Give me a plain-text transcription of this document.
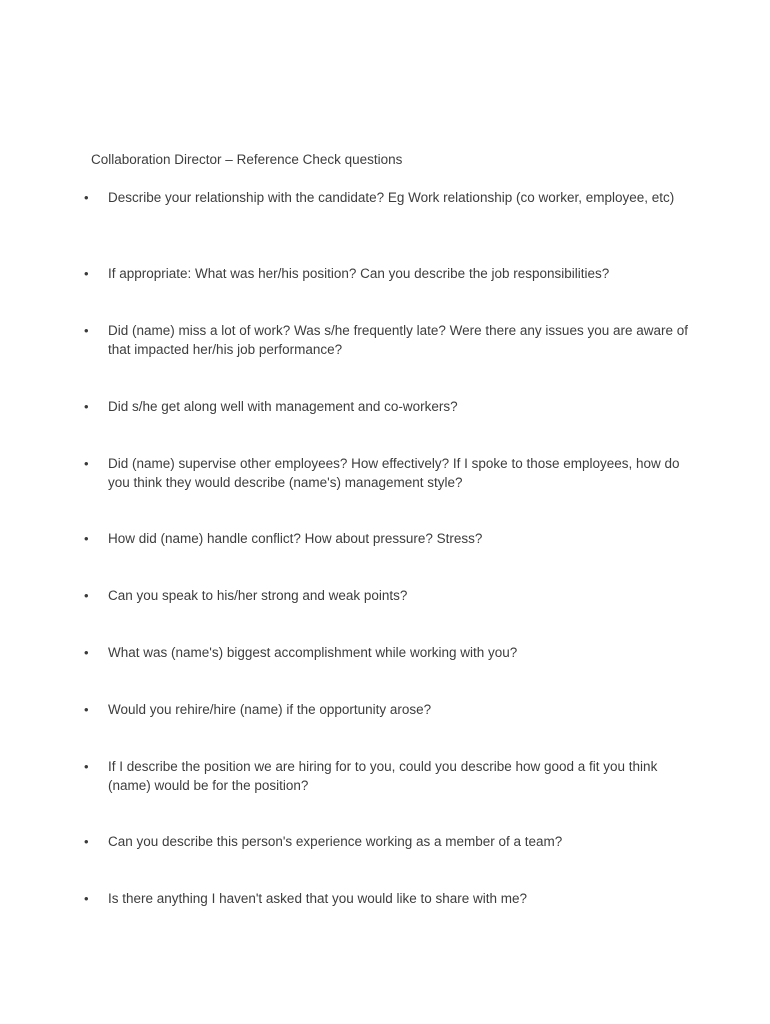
Collaboration Director – Reference Check questions
• Describe your relationship with the candidate? Eg Work relationship (co worker, employee, etc)
• If appropriate: What was her/his position? Can you describe the job responsibilities?
• Did (name) miss a lot of work? Was s/he frequently late? Were there any issues you are aware of that impacted her/his job performance?
• Did s/he get along well with management and co-workers?
• Did (name) supervise other employees? How effectively? If I spoke to those employees, how do you think they would describe (name's) management style?
• How did (name) handle conflict? How about pressure? Stress?
• Can you speak to his/her strong and weak points?
• What was (name's) biggest accomplishment while working with you?
• Would you rehire/hire (name) if the opportunity arose?
• If I describe the position we are hiring for to you, could you describe how good a fit you think (name) would be for the position?
• Can you describe this person's experience working as a member of a team?
• Is there anything I haven't asked that you would like to share with me?
